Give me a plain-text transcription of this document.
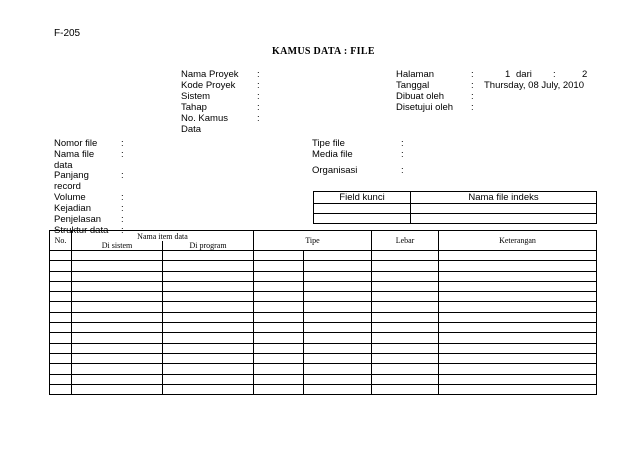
F-205
KAMUS DATA : FILE
Nama Proyek :
Kode Proyek :
Sistem	:
Tahap	:
No. Kamus	:
Data
Halaman	:	1 dari :	2
Tanggal	: Thursday, 08 July, 2010
Dibuat oleh	:
Disetujui oleh :
Nomor file :
Nama file	:
data
Panjang	:
record
Volume	:
Kejadian	:
Penjelasan :
Struktur data :
Tipe file	:
Media file	:
Organisasi	:
Field kunci	Nama file indeks

No.	Nama item data		Tipe		Lebar	Keterangan
	Di sistem	Di program				
